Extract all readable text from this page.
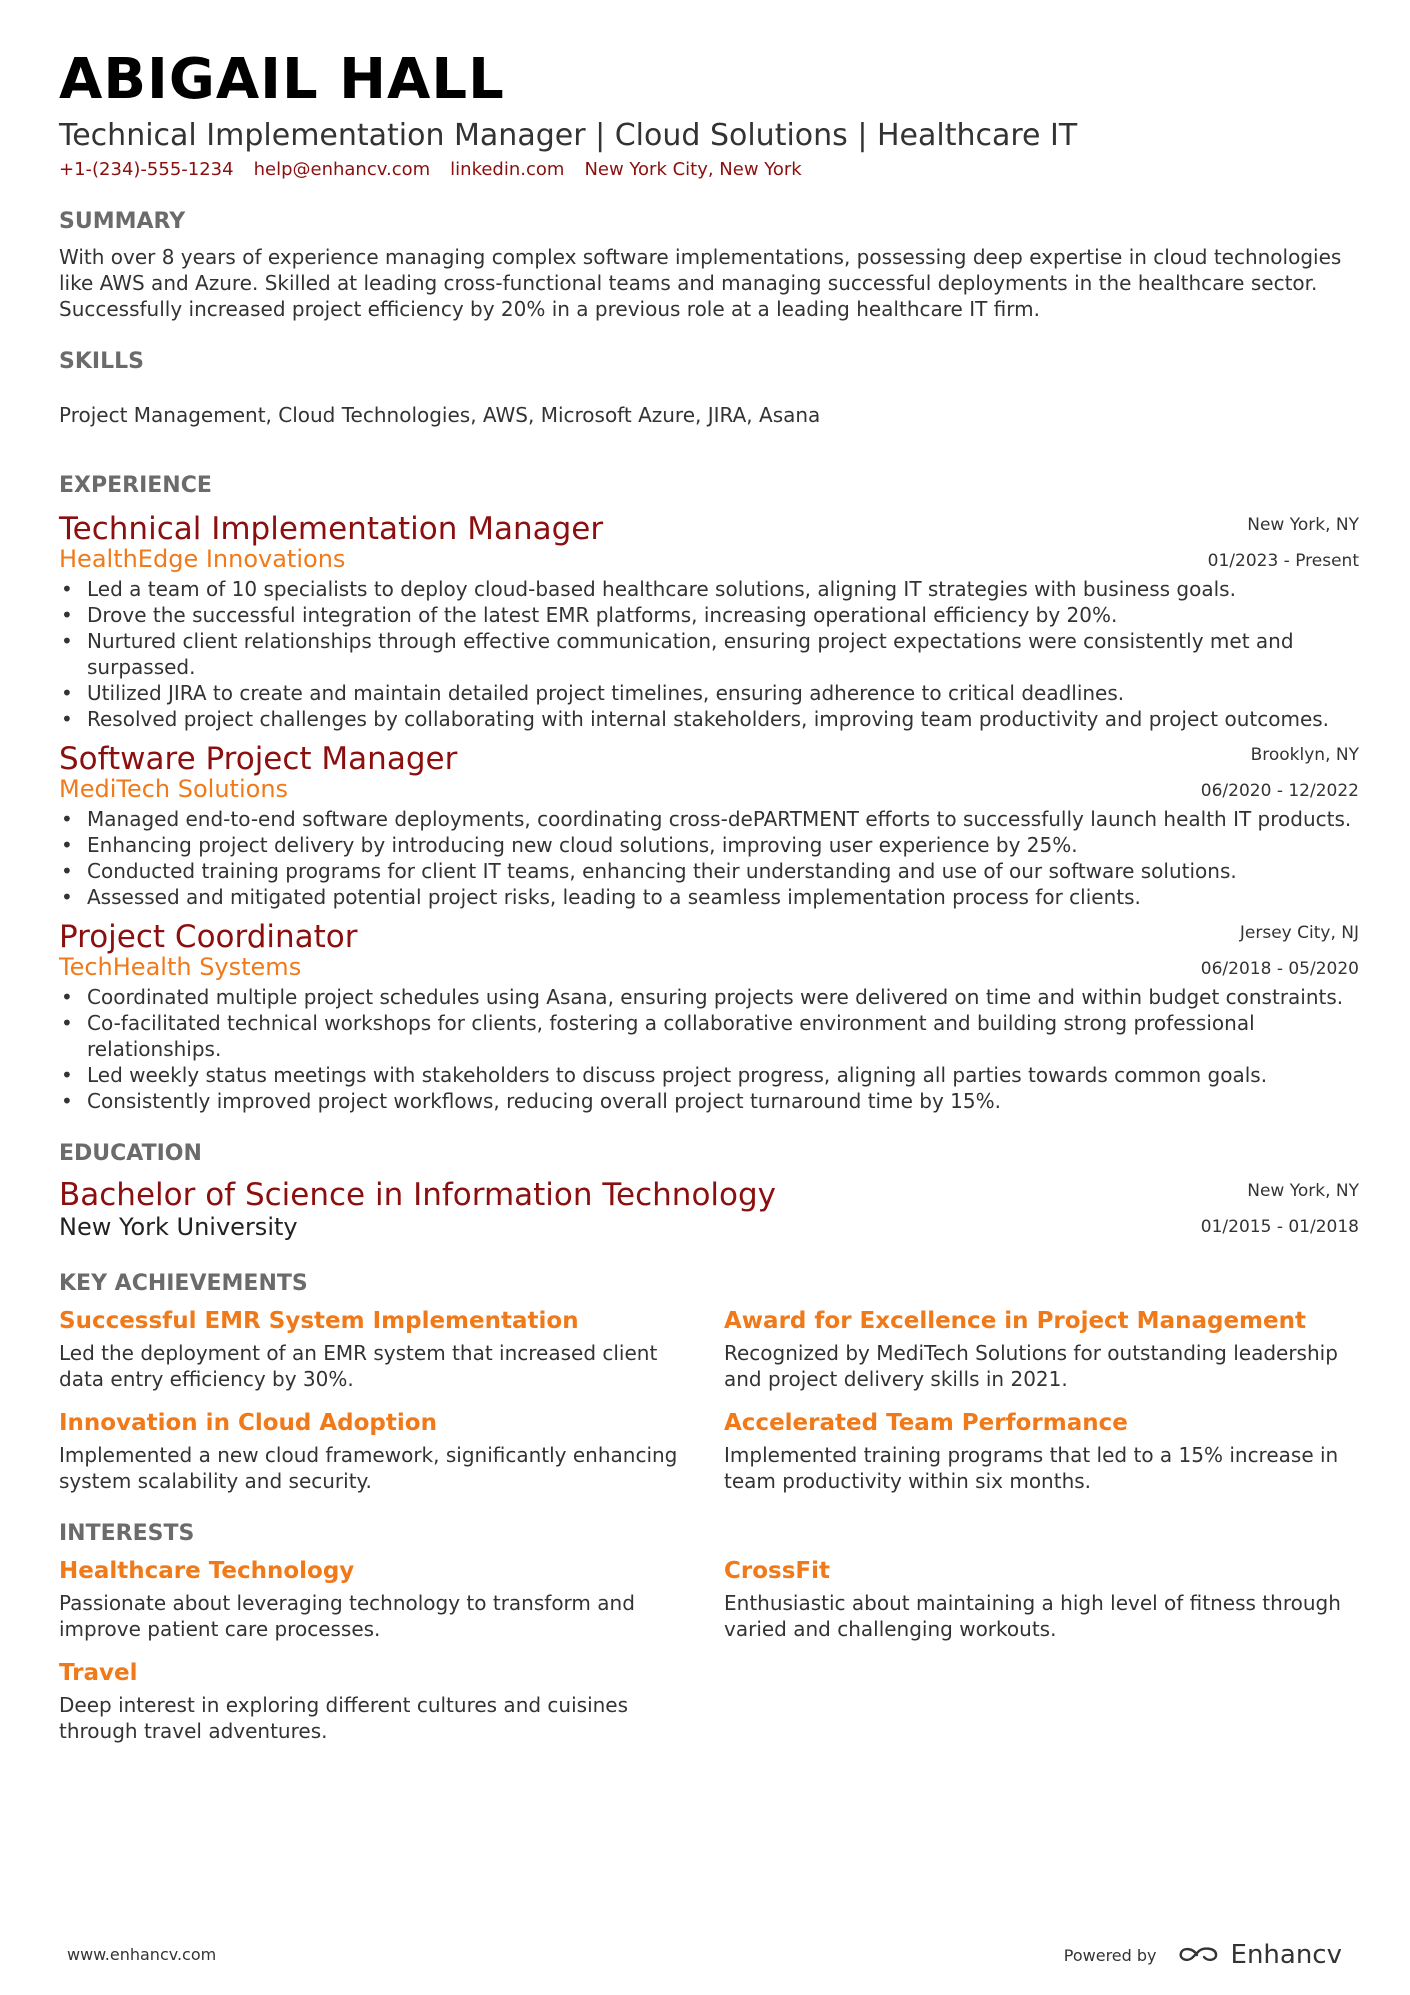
ABIGAIL HALL
Technical Implementation Manager | Cloud Solutions | Healthcare IT
+1-(234)-555-1234 help@enhancv.com linkedin.com New York City, New York
SUMMARY
With over 8 years of experience managing complex software implementations, possessing deep expertise in cloud technologies like AWS and Azure. Skilled at leading cross-functional teams and managing successful deployments in the healthcare sector. Successfully increased project efficiency by 20% in a previous role at a leading healthcare IT firm.
SKILLS
Project Management, Cloud Technologies, AWS, Microsoft Azure, JIRA, Asana
EXPERIENCE
Technical Implementation Manager
HealthEdge Innovations
New York, NY
01/2023 - Present
• Led a team of 10 specialists to deploy cloud-based healthcare solutions, aligning IT strategies with business goals.
• Drove the successful integration of the latest EMR platforms, increasing operational efficiency by 20%.
• Nurtured client relationships through effective communication, ensuring project expectations were consistently met and surpassed.
• Utilized JIRA to create and maintain detailed project timelines, ensuring adherence to critical deadlines.
• Resolved project challenges by collaborating with internal stakeholders, improving team productivity and project outcomes.
Software Project Manager
MediTech Solutions
Brooklyn, NY
06/2020 - 12/2022
• Managed end-to-end software deployments, coordinating cross-dePARTMENT efforts to successfully launch health IT products.
• Enhancing project delivery by introducing new cloud solutions, improving user experience by 25%.
• Conducted training programs for client IT teams, enhancing their understanding and use of our software solutions.
• Assessed and mitigated potential project risks, leading to a seamless implementation process for clients.
Project Coordinator
TechHealth Systems
Jersey City, NJ
06/2018 - 05/2020
• Coordinated multiple project schedules using Asana, ensuring projects were delivered on time and within budget constraints.
• Co-facilitated technical workshops for clients, fostering a collaborative environment and building strong professional relationships.
• Led weekly status meetings with stakeholders to discuss project progress, aligning all parties towards common goals.
• Consistently improved project workflows, reducing overall project turnaround time by 15%.
EDUCATION
Bachelor of Science in Information Technology
New York University
New York, NY
01/2015 - 01/2018
KEY ACHIEVEMENTS
Successful EMR System Implementation
Led the deployment of an EMR system that increased client data entry efficiency by 30%.
Award for Excellence in Project Management
Recognized by MediTech Solutions for outstanding leadership and project delivery skills in 2021.
Innovation in Cloud Adoption
Implemented a new cloud framework, significantly enhancing system scalability and security.
Accelerated Team Performance
Implemented training programs that led to a 15% increase in team productivity within six months.
INTERESTS
Healthcare Technology
Passionate about leveraging technology to transform and improve patient care processes.
CrossFit
Enthusiastic about maintaining a high level of fitness through varied and challenging workouts.
Travel
Deep interest in exploring different cultures and cuisines through travel adventures.
www.enhancv.com	Powered by	Enhancv
